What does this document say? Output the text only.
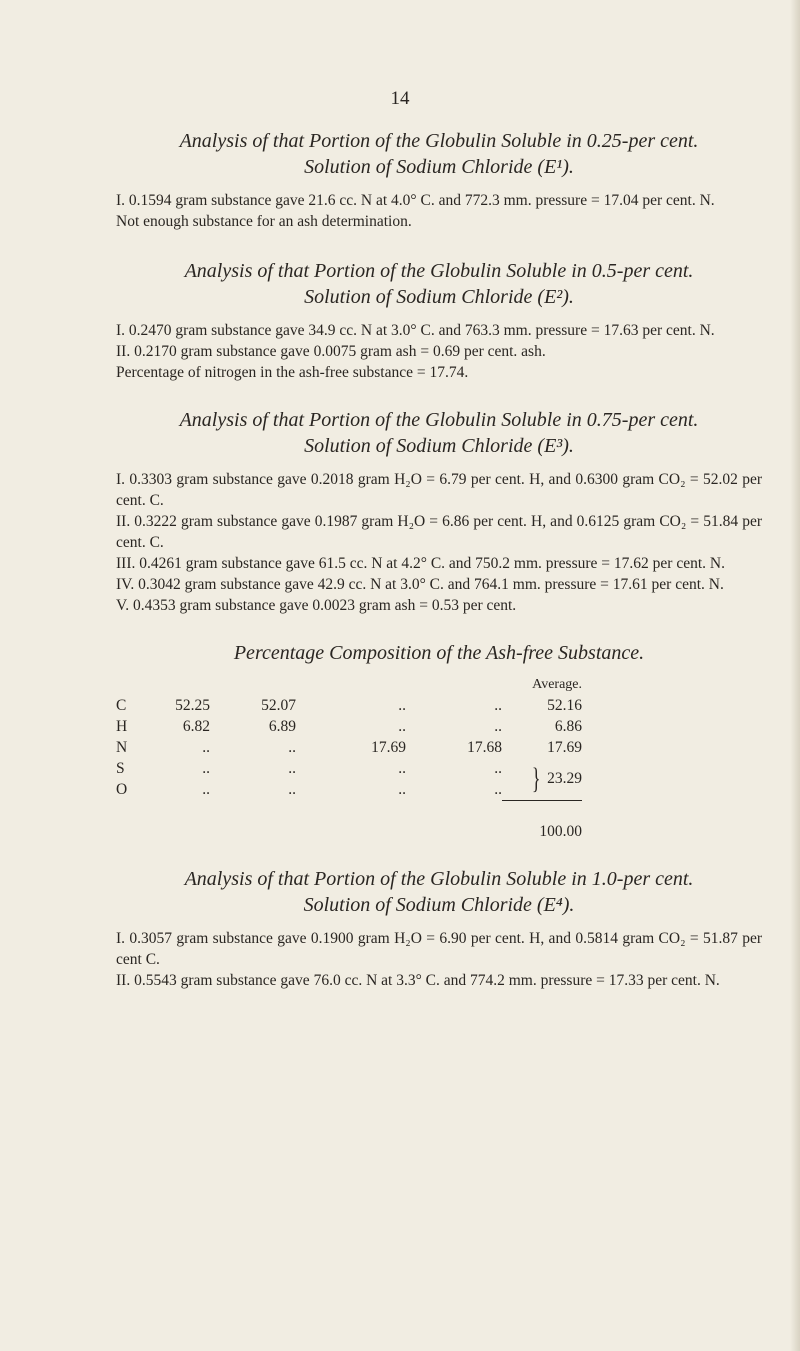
14
Analysis of that Portion of the Globulin Soluble in 0.25-per cent.
Solution of Sodium Chloride (E¹).

I. 0.1594 gram substance gave 21.6 cc. N at 4.0° C. and 772.3 mm. pressure = 17.04 per cent. N.

Not enough substance for an ash determination.

Analysis of that Portion of the Globulin Soluble in 0.5-per cent.
Solution of Sodium Chloride (E²).

I. 0.2470 gram substance gave 34.9 cc. N at 3.0° C. and 763.3 mm. pressure = 17.63 per cent. N.

II. 0.2170 gram substance gave 0.0075 gram ash = 0.69 per cent. ash.

Percentage of nitrogen in the ash-free substance = 17.74.

Analysis of that Portion of the Globulin Soluble in 0.75-per cent.
Solution of Sodium Chloride (E³).

I. 0.3303 gram substance gave 0.2018 gram H₂O = 6.79 per cent. H, and 0.6300 gram CO₂ = 52.02 per cent. C.

II. 0.3222 gram substance gave 0.1987 gram H₂O = 6.86 per cent. H, and 0.6125 gram CO₂ = 51.84 per cent. C.

III. 0.4261 gram substance gave 61.5 cc. N at 4.2° C. and 750.2 mm. pressure = 17.62 per cent. N.

IV. 0.3042 gram substance gave 42.9 cc. N at 3.0° C. and 764.1 mm. pressure = 17.61 per cent. N.

V. 0.4353 gram substance gave 0.0023 gram ash = 0.53 per cent.

Percentage Composition of the Ash-free Substance.
					Average.
C	52.25	52.07	..	..	52.16
H	6.82	6.89	..	..	6.86
N	..	..	17.69	17.68	17.69
S	..	..	..	..	} 23.29
O	..	..	..	..	

					100.00
Analysis of that Portion of the Globulin Soluble in 1.0-per cent.
Solution of Sodium Chloride (E⁴).

I. 0.3057 gram substance gave 0.1900 gram H₂O = 6.90 per cent. H, and 0.5814 gram CO₂ = 51.87 per cent C.

II. 0.5543 gram substance gave 76.0 cc. N at 3.3° C. and 774.2 mm. pressure = 17.33 per cent. N.
